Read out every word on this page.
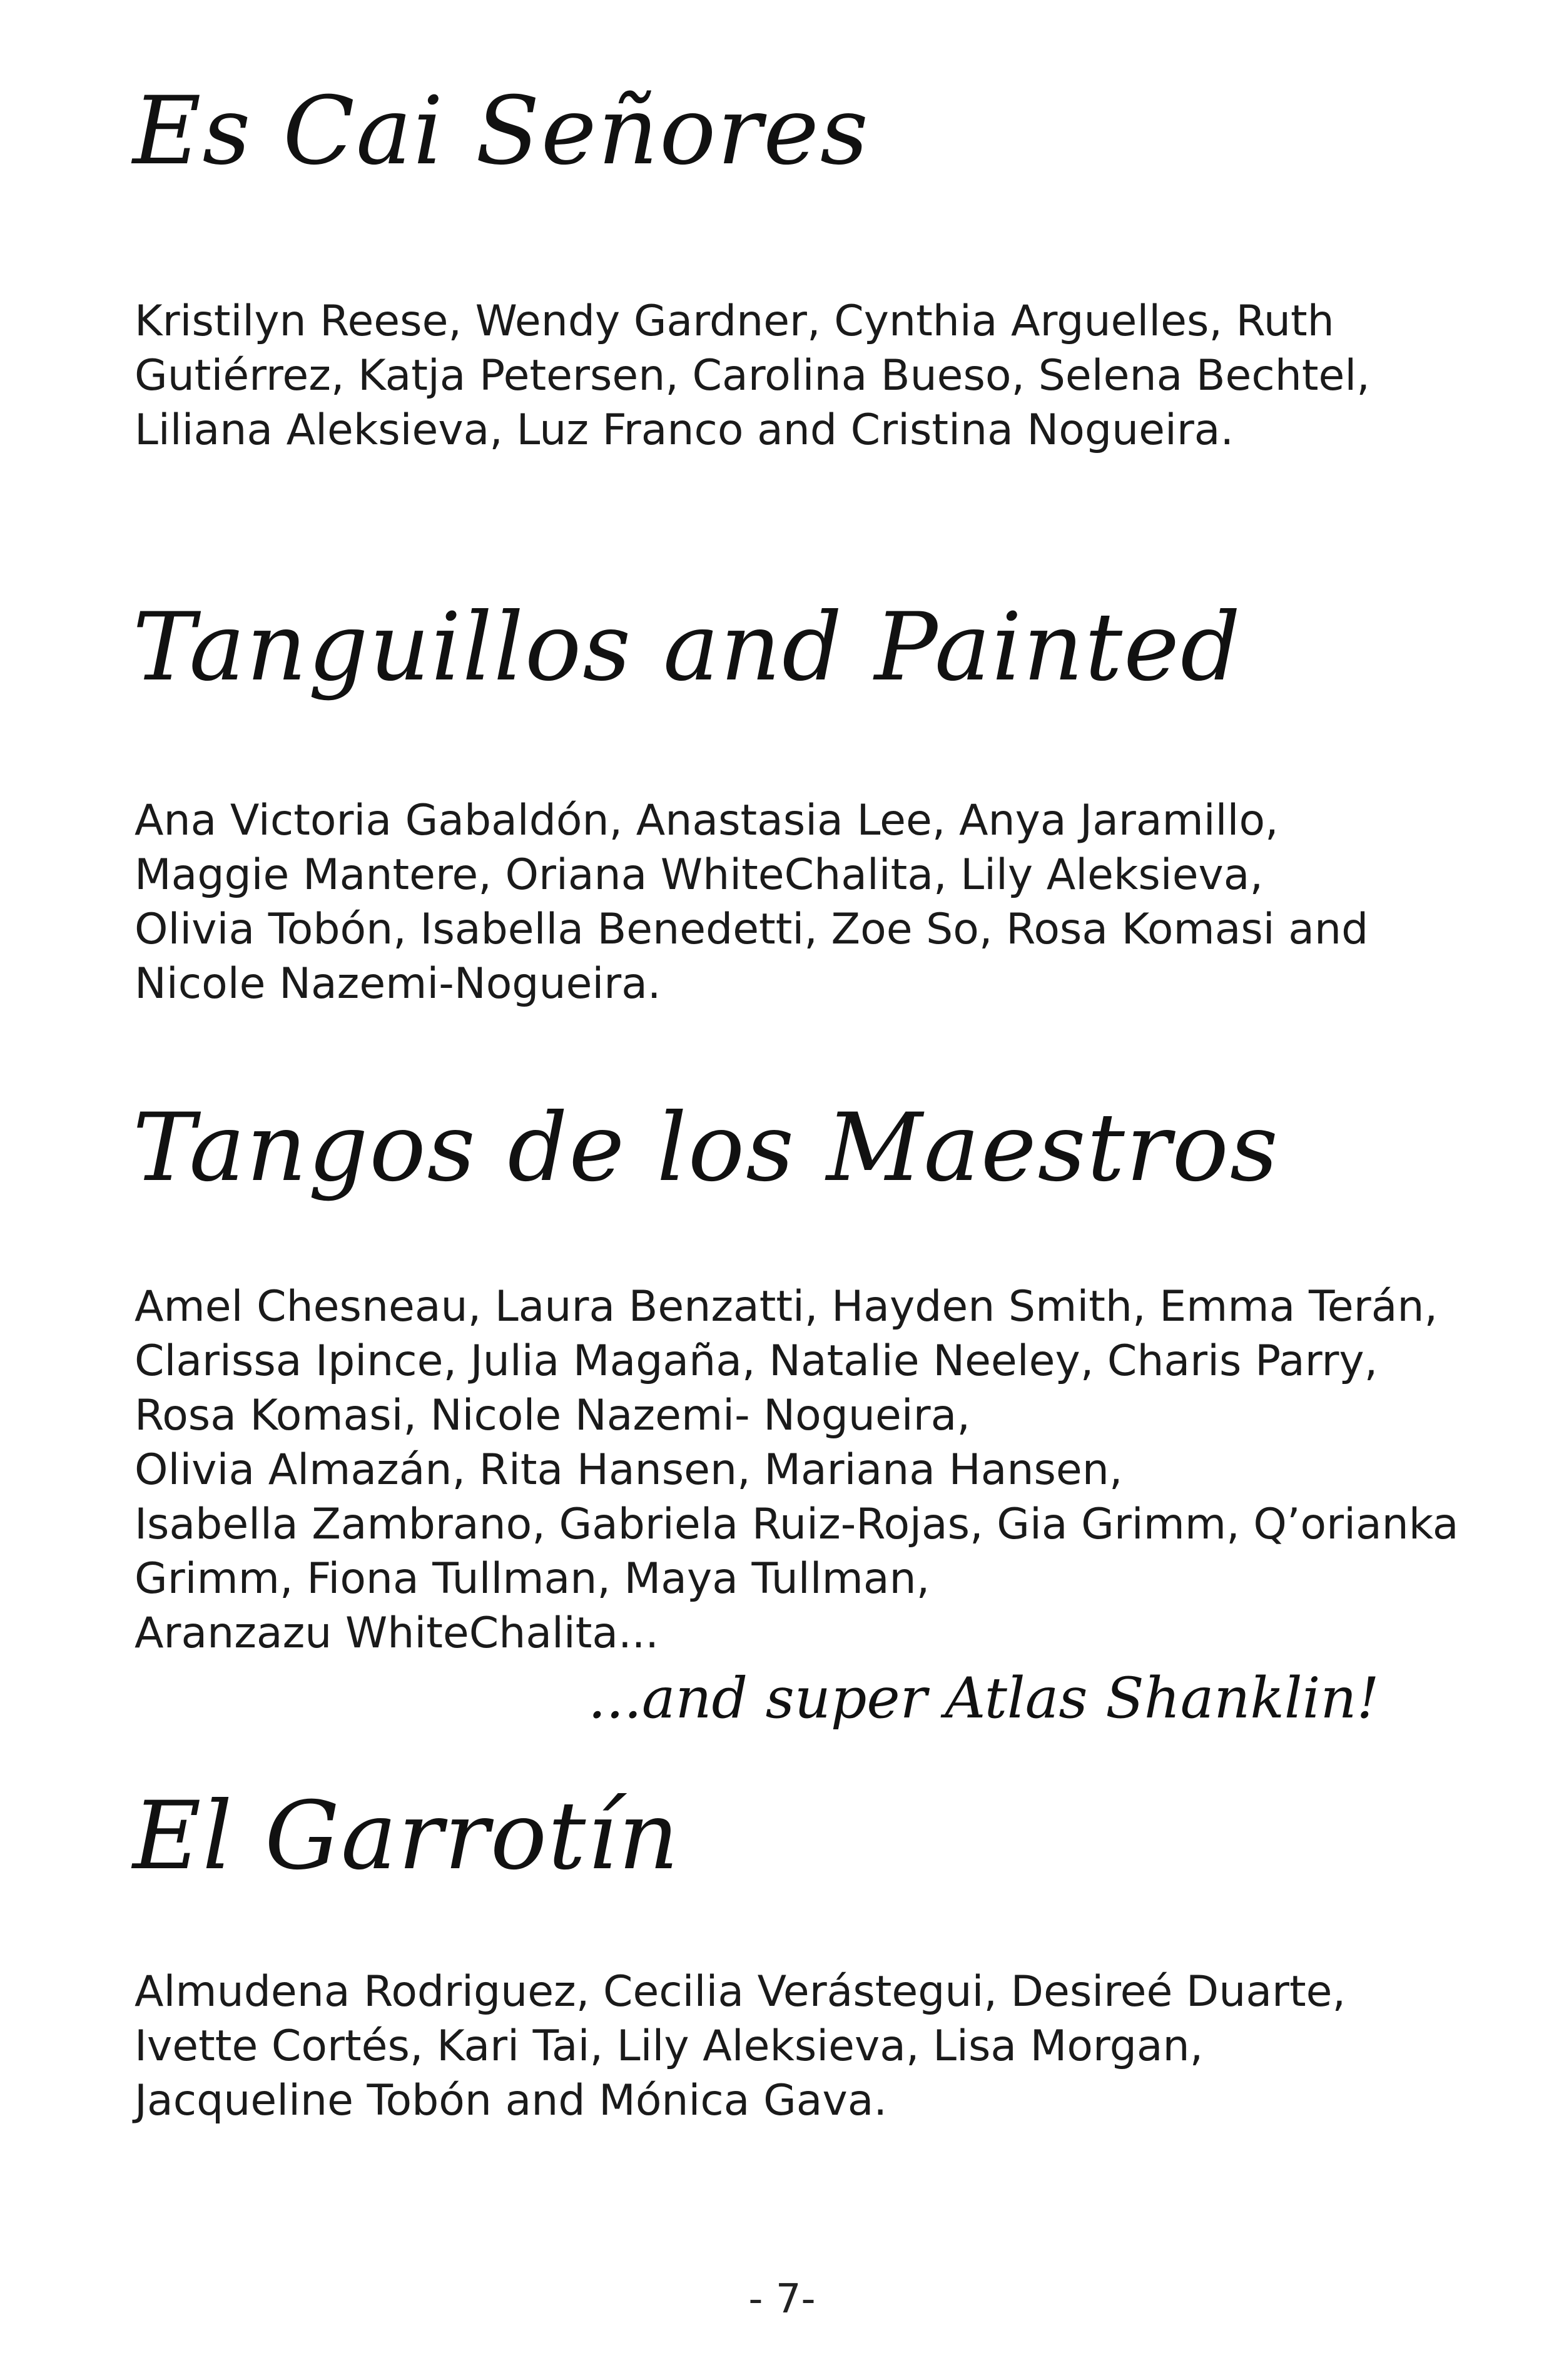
Es Cai Señores
Kristilyn Reese, Wendy Gardner, Cynthia Arguelles, Ruth
Gutiérrez, Katja Petersen, Carolina Bueso, Selena Bechtel,
Liliana Aleksieva, Luz Franco and Cristina Nogueira.
Tanguillos and Painted
Ana Victoria Gabaldón, Anastasia Lee, Anya Jaramillo,
Maggie Mantere, Oriana WhiteChalita, Lily Aleksieva,
Olivia Tobón, Isabella Benedetti, Zoe So, Rosa Komasi and
Nicole Nazemi-Nogueira.
Tangos de los Maestros
Amel Chesneau, Laura Benzatti, Hayden Smith, Emma Terán,
Clarissa Ipince, Julia Magaña, Natalie Neeley, Charis Parry,
Rosa Komasi, Nicole Nazemi- Nogueira,
Olivia Almazán, Rita Hansen, Mariana Hansen,
Isabella Zambrano, Gabriela Ruiz-Rojas, Gia Grimm, Q’orianka
Grimm, Fiona Tullman, Maya Tullman,
Aranzazu WhiteChalita...
...and super Atlas Shanklin!
El Garrotín
Almudena Rodriguez, Cecilia Verástegui, Desireé Duarte,
Ivette Cortés, Kari Tai, Lily Aleksieva, Lisa Morgan,
Jacqueline Tobón and Mónica Gava.
- 7-
